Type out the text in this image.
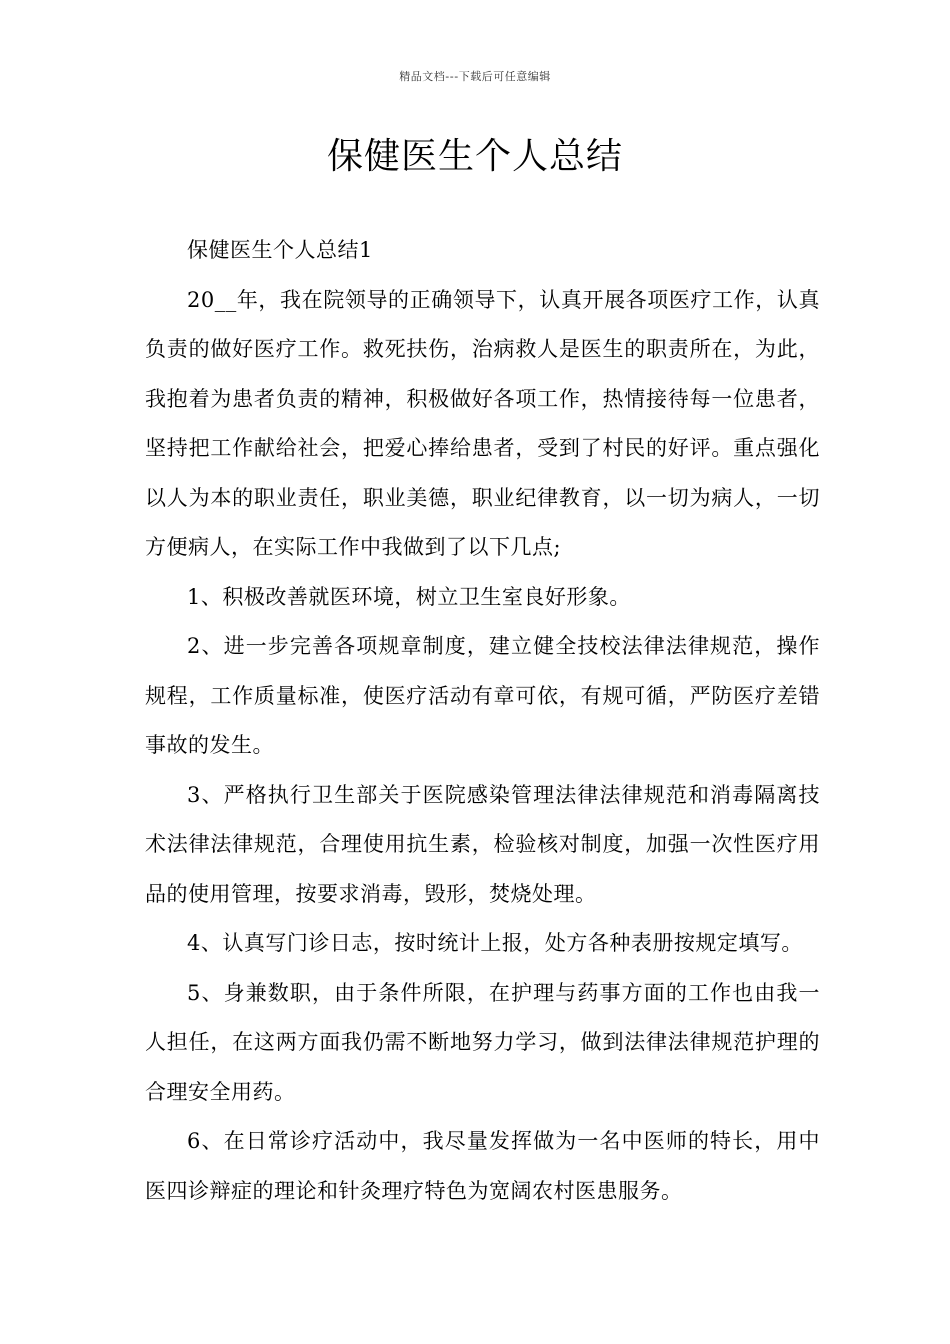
精品文档---下载后可任意编辑
保健医生个人总结

保健医生个人总结1

20__年，我在院领导的正确领导下，认真开展各项医疗工作，认真负责的做好医疗工作。救死扶伤，治病救人是医生的职责所在，为此，我抱着为患者负责的精神，积极做好各项工作，热情接待每一位患者，坚持把工作献给社会，把爱心捧给患者，受到了村民的好评。重点强化以人为本的职业责任，职业美德，职业纪律教育，以一切为病人，一切方便病人，在实际工作中我做到了以下几点;

1、积极改善就医环境，树立卫生室良好形象。

2、进一步完善各项规章制度，建立健全技校法律法律规范，操作规程，工作质量标准，使医疗活动有章可依，有规可循，严防医疗差错事故的发生。

3、严格执行卫生部关于医院感染管理法律法律规范和消毒隔离技术法律法律规范，合理使用抗生素，检验核对制度，加强一次性医疗用品的使用管理，按要求消毒，毁形，焚烧处理。

4、认真写门诊日志，按时统计上报，处方各种表册按规定填写。

5、身兼数职，由于条件所限，在护理与药事方面的工作也由我一人担任，在这两方面我仍需不断地努力学习，做到法律法律规范护理的合理安全用药。

6、在日常诊疗活动中，我尽量发挥做为一名中医师的特长，用中医四诊辩症的理论和针灸理疗特色为宽阔农村医患服务。
